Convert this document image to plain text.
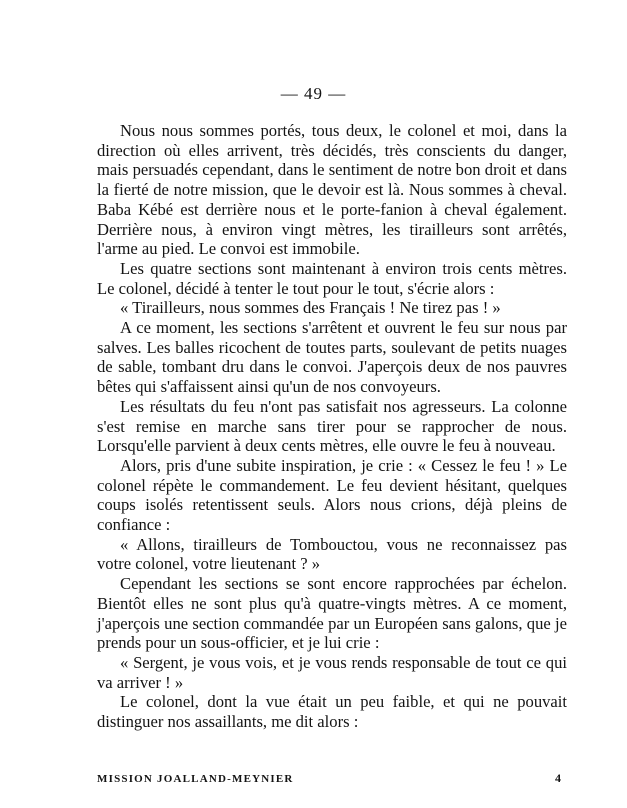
— 49 —

Nous nous sommes portés, tous deux, le colonel et moi, dans la direction où elles arrivent, très décidés, très conscients du danger, mais persuadés cependant, dans le sentiment de notre bon droit et dans la fierté de notre mission, que le devoir est là. Nous sommes à cheval. Baba Kébé est derrière nous et le porte-fanion à cheval également. Derrière nous, à environ vingt mètres, les tirailleurs sont arrêtés, l'arme au pied. Le convoi est immobile.

Les quatre sections sont maintenant à environ trois cents mètres. Le colonel, décidé à tenter le tout pour le tout, s'écrie alors :

« Tirailleurs, nous sommes des Français ! Ne tirez pas ! »

A ce moment, les sections s'arrêtent et ouvrent le feu sur nous par salves. Les balles ricochent de toutes parts, soulevant de petits nuages de sable, tombant dru dans le convoi. J'aperçois deux de nos pauvres bêtes qui s'affaissent ainsi qu'un de nos convoyeurs.

Les résultats du feu n'ont pas satisfait nos agresseurs. La colonne s'est remise en marche sans tirer pour se rapprocher de nous. Lorsqu'elle parvient à deux cents mètres, elle ouvre le feu à nouveau.

Alors, pris d'une subite inspiration, je crie : « Cessez le feu ! » Le colonel répète le commandement. Le feu devient hésitant, quelques coups isolés retentissent seuls. Alors nous crions, déjà pleins de confiance :

« Allons, tirailleurs de Tombouctou, vous ne reconnaissez pas votre colonel, votre lieutenant ? »

Cependant les sections se sont encore rapprochées par échelon. Bientôt elles ne sont plus qu'à quatre-vingts mètres. A ce moment, j'aperçois une section commandée par un Européen sans galons, que je prends pour un sous-officier, et je lui crie :

« Sergent, je vous vois, et je vous rends responsable de tout ce qui va arriver ! »

Le colonel, dont la vue était un peu faible, et qui ne pouvait distinguer nos assaillants, me dit alors :

MISSION JOALLAND-MEYNIER	4
